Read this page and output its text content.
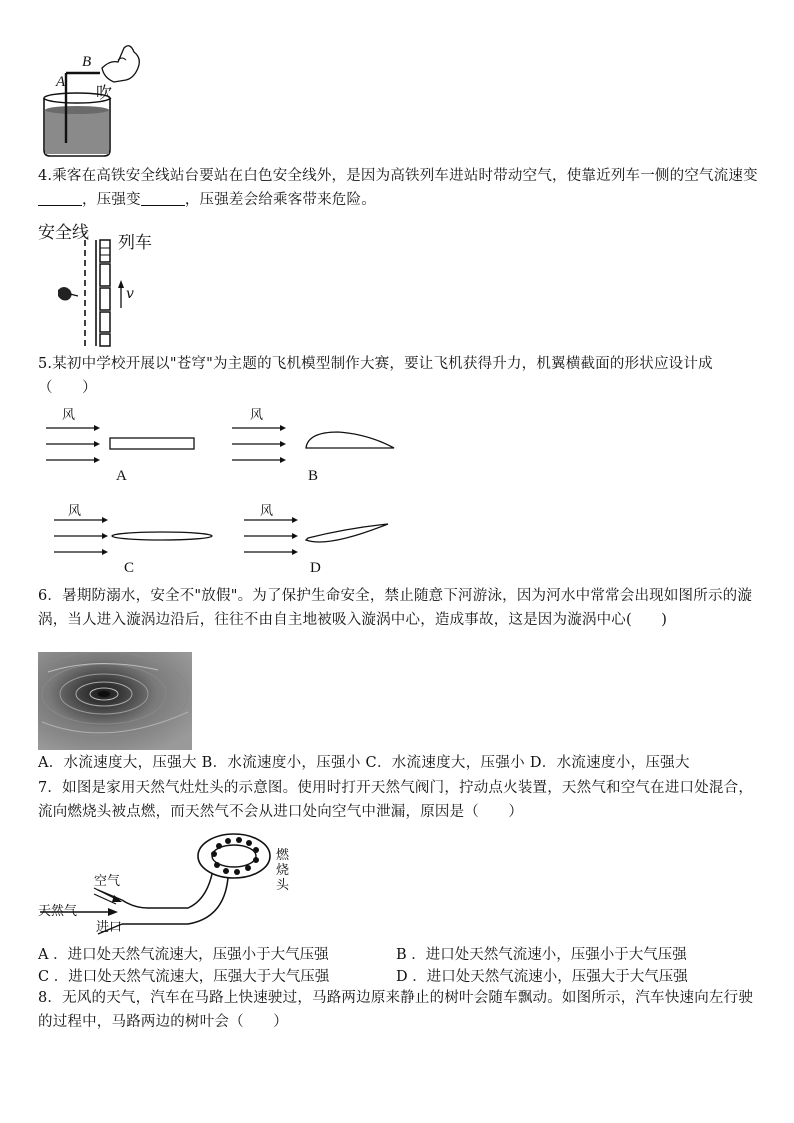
A
B
吹
4.乘客在高铁安全线站台要站在白色安全线外，是因为高铁列车进站时带动空气，使靠近列车一侧的空气流速变，压强变	，压强差会给乘客带来危险。
安全线 列车
v
5.某初中学校开展以"苍穹"为主题的飞机模型制作大赛，要让飞机获得升力，机翼横截面的形状应设计成（　　）
风	风
风	风
A	B
C	D
6．暑期防溺水，安全不"放假"。为了保护生命安全，禁止随意下河游泳，因为河水中常常会出现如图所示的漩涡，当人进入漩涡边沿后，往往不由自主地被吸入漩涡中心，造成事故，这是因为漩涡中心(　　)
A．水流速度大，压强大 B．水流速度小，压强小 C．水流速度大，压强小 D．水流速度小，压强大
7．如图是家用天然气灶灶头的示意图。使用时打开天然气阀门，拧动点火装置，天然气和空气在进口处混合，流向燃烧头被点燃，而天然气不会从进口处向空气中泄漏，原因是（　　）
空气
天然气
进口
燃烧头
A ．进口处天然气流速大，压强小于大气压强	B ．进口处天然气流速小，压强小于大气压强
C ．进口处天然气流速大，压强大于大气压强	D ．进口处天然气流速小，压强大于大气压强
8．无风的天气，汽车在马路上快速驶过，马路两边原来静止的树叶会随车飘动。如图所示，汽车快速向左行驶的过程中，马路两边的树叶会（　　）
